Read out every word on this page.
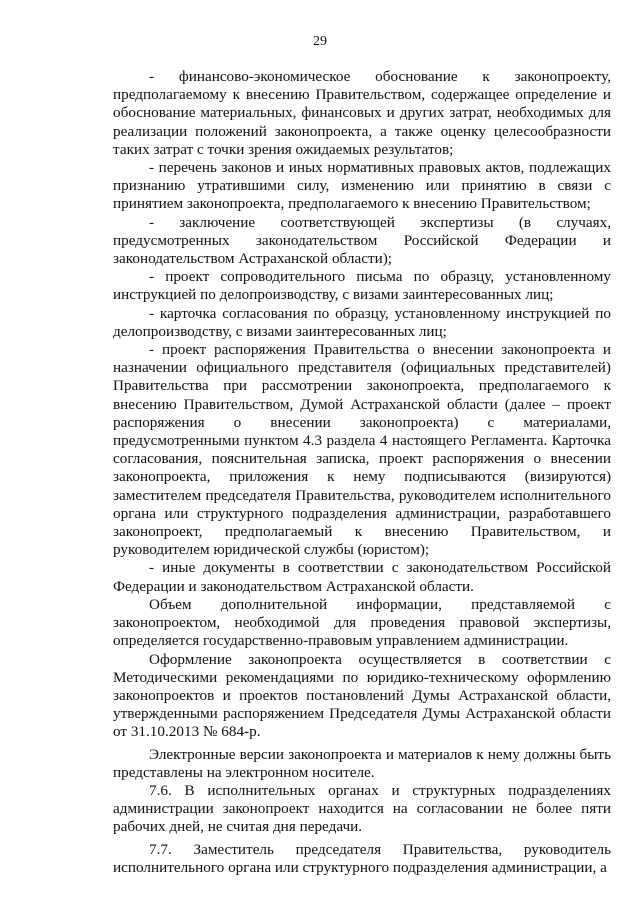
29

- финансово-экономическое обоснование к законопроекту, предполагаемому к внесению Правительством, содержащее определение и обоснование материальных, финансовых и других затрат, необходимых для реализации положений законопроекта, а также оценку целесообразности таких затрат с точки зрения ожидаемых результатов;

- перечень законов и иных нормативных правовых актов, подлежащих признанию утратившими силу, изменению или принятию в связи с принятием законопроекта, предполагаемого к внесению Правительством;

- заключение соответствующей экспертизы (в случаях, предусмотренных законодательством Российской Федерации и законодательством Астраханской области);

- проект сопроводительного письма по образцу, установленному инструкцией по делопроизводству, с визами заинтересованных лиц;

- карточка согласования по образцу, установленному инструкцией по делопроизводству, с визами заинтересованных лиц;

- проект распоряжения Правительства о внесении законопроекта и назначении официального представителя (официальных представителей) Правительства при рассмотрении законопроекта, предполагаемого к внесению Правительством, Думой Астраханской области (далее – проект распоряжения о внесении законопроекта) с материалами, предусмотренными пунктом 4.3 раздела 4 настоящего Регламента. Карточка согласования, пояснительная записка, проект распоряжения о внесении законопроекта, приложения к нему подписываются (визируются) заместителем председателя Правительства, руководителем исполнительного органа или структурного подразделения администрации, разработавшего законопроект, предполагаемый к внесению Правительством, и руководителем юридической службы (юристом);

- иные документы в соответствии с законодательством Российской Федерации и законодательством Астраханской области.

Объем дополнительной информации, представляемой с законопроектом, необходимой для проведения правовой экспертизы, определяется государственно-правовым управлением администрации.

Оформление законопроекта осуществляется в соответствии с Методическими рекомендациями по юридико-техническому оформлению законопроектов и проектов постановлений Думы Астраханской области, утвержденными распоряжением Председателя Думы Астраханской области от 31.10.2013 № 684-р.

Электронные версии законопроекта и материалов к нему должны быть представлены на электронном носителе.

7.6. В исполнительных органах и структурных подразделениях администрации законопроект находится на согласовании не более пяти рабочих дней, не считая дня передачи.

7.7. Заместитель председателя Правительства, руководитель исполнительного органа или структурного подразделения администрации, а
